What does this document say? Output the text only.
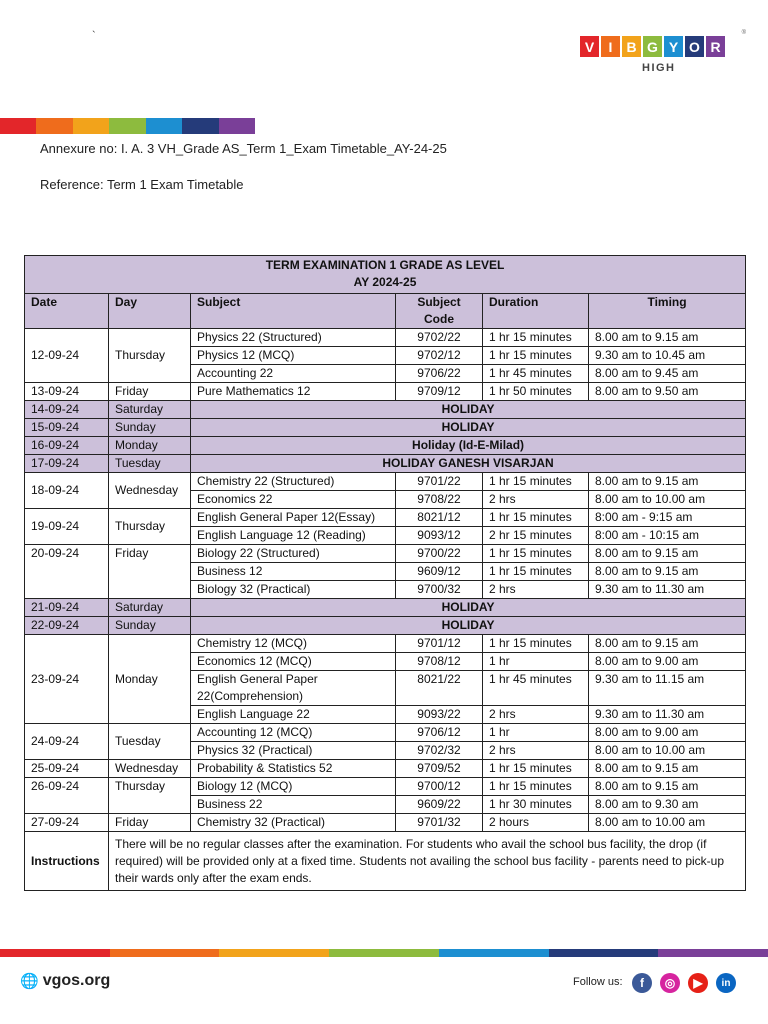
`
V	I	B G Y O R
HIGH
®
Annexure no: I. A. 3 VH_Grade AS_Term 1_Exam Timetable_AY-24-25
Reference: Term 1 Exam Timetable
TERM EXAMINATION 1 GRADE AS LEVEL
AY 2024-25					

Date	Day	Subject	Subject
Code	Duration	Timing
12-09-24	Thursday	Physics 22 (Structured)	9702/22	1 hr 15 minutes	8.00 am to 9.15 am
		Physics 12 (MCQ)	9702/12	1 hr 15 minutes	9.30 am to 10.45 am
		Accounting 22	9706/22	1 hr 45 minutes	8.00 am to 9.45 am
13-09-24	Friday	Pure Mathematics 12	9709/12	1 hr 50 minutes	8.00 am to 9.50 am
14-09-24	Saturday	HOLIDAY			
15-09-24	Sunday	HOLIDAY			
16-09-24	Monday	Holiday (Id-E-Milad)			
17-09-24	Tuesday	HOLIDAY GANESH VISARJAN			
18-09-24	Wednesday	Chemistry 22 (Structured)	9701/22	1 hr 15 minutes	8.00 am to 9.15 am
		Economics 22	9708/22	2 hrs	8.00 am to 10.00 am
19-09-24	Thursday	English General Paper 12(Essay)	8021/12	1 hr 15 minutes	8:00 am - 9:15 am
		English Language 12 (Reading)	9093/12	2 hr 15 minutes	8:00 am - 10:15 am
20-09-24	Friday	Biology 22 (Structured)	9700/22	1 hr 15 minutes	8.00 am to 9.15 am
		Business 12	9609/12	1 hr 15 minutes	8.00 am to 9.15 am
		Biology 32 (Practical)	9700/32	2 hrs	9.30 am to 11.30 am
21-09-24	Saturday	HOLIDAY			
22-09-24	Sunday	HOLIDAY			
23-09-24	Monday	Chemistry 12 (MCQ)	9701/12	1 hr 15 minutes	8.00 am to 9.15 am
		Economics 12 (MCQ)	9708/12	1 hr	8.00 am to 9.00 am
		English General Paper 22(Comprehension)	8021/22	1 hr 45 minutes	9.30 am to 11.15 am
		English Language 22	9093/22	2 hrs	9.30 am to 11.30 am
24-09-24	Tuesday	Accounting 12 (MCQ)	9706/12	1 hr	8.00 am to 9.00 am
		Physics 32 (Practical)	9702/32	2 hrs	8.00 am to 10.00 am
25-09-24	Wednesday	Probability & Statistics 52	9709/52	1 hr 15 minutes	8.00 am to 9.15 am
26-09-24	Thursday	Biology 12 (MCQ)	9700/12	1 hr 15 minutes	8.00 am to 9.15 am
		Business 22	9609/22	1 hr 30 minutes	8.00 am to 9.30 am
27-09-24	Friday	Chemistry 32 (Practical)	9701/32	2 hours	8.00 am to 10.00 am
Instructions	There will be no regular classes after the examination. For students who avail the school bus facility, the drop (if required) will be provided only at a fixed time. Students not availing the school bus facility - parents need to pick-up their wards only after the exam ends.				
🌐 vgos.org	Follow us:	f	◎	▶	in
